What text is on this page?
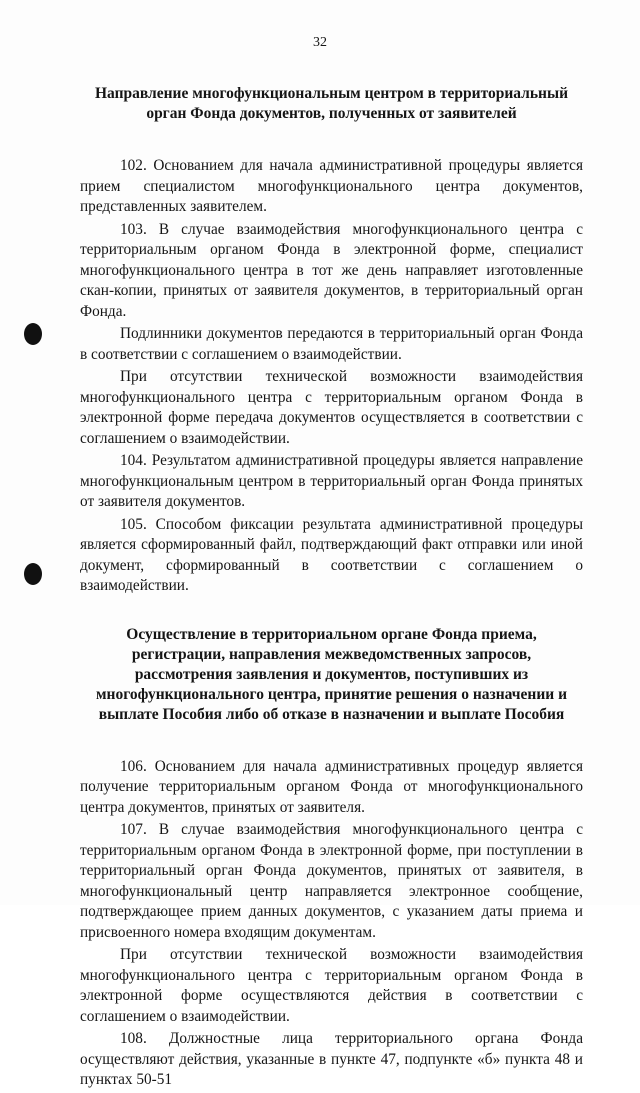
32
Направление многофункциональным центром в территориальный
орган Фонда документов, полученных от заявителей

102. Основанием для начала административной процедуры является прием специалистом многофункционального центра документов, представленных заявителем.

103. В случае взаимодействия многофункционального центра с территориальным органом Фонда в электронной форме, специалист многофункционального центра в тот же день направляет изготовленные скан-копии, принятых от заявителя документов, в территориальный орган Фонда.

Подлинники документов передаются в территориальный орган Фонда в соответствии с соглашением о взаимодействии.

При отсутствии технической возможности взаимодействия многофункционального центра с территориальным органом Фонда в электронной форме передача документов осуществляется в соответствии с соглашением о взаимодействии.

104. Результатом административной процедуры является направление многофункциональным центром в территориальный орган Фонда принятых от заявителя документов.

105. Способом фиксации результата административной процедуры является сформированный файл, подтверждающий факт отправки или иной документ, сформированный в соответствии с соглашением о взаимодействии.

Осуществление в территориальном органе Фонда приема,
регистрации, направления межведомственных запросов,
рассмотрения заявления и документов, поступивших из
многофункционального центра, принятие решения о назначении и
выплате Пособия либо об отказе в назначении и выплате Пособия

106. Основанием для начала административных процедур является получение территориальным органом Фонда от многофункционального центра документов, принятых от заявителя.

107. В случае взаимодействия многофункционального центра с территориальным органом Фонда в электронной форме, при поступлении в территориальный орган Фонда документов, принятых от заявителя, в многофункциональный центр направляется электронное сообщение, подтверждающее прием данных документов, с указанием даты приема и присвоенного номера входящим документам.

При отсутствии технической возможности взаимодействия многофункционального центра с территориальным органом Фонда в электронной форме осуществляются действия в соответствии с соглашением о взаимодействии.

108. Должностные лица территориального органа Фонда осуществляют действия, указанные в пункте 47, подпункте «б» пункта 48 и пунктах 50-51
